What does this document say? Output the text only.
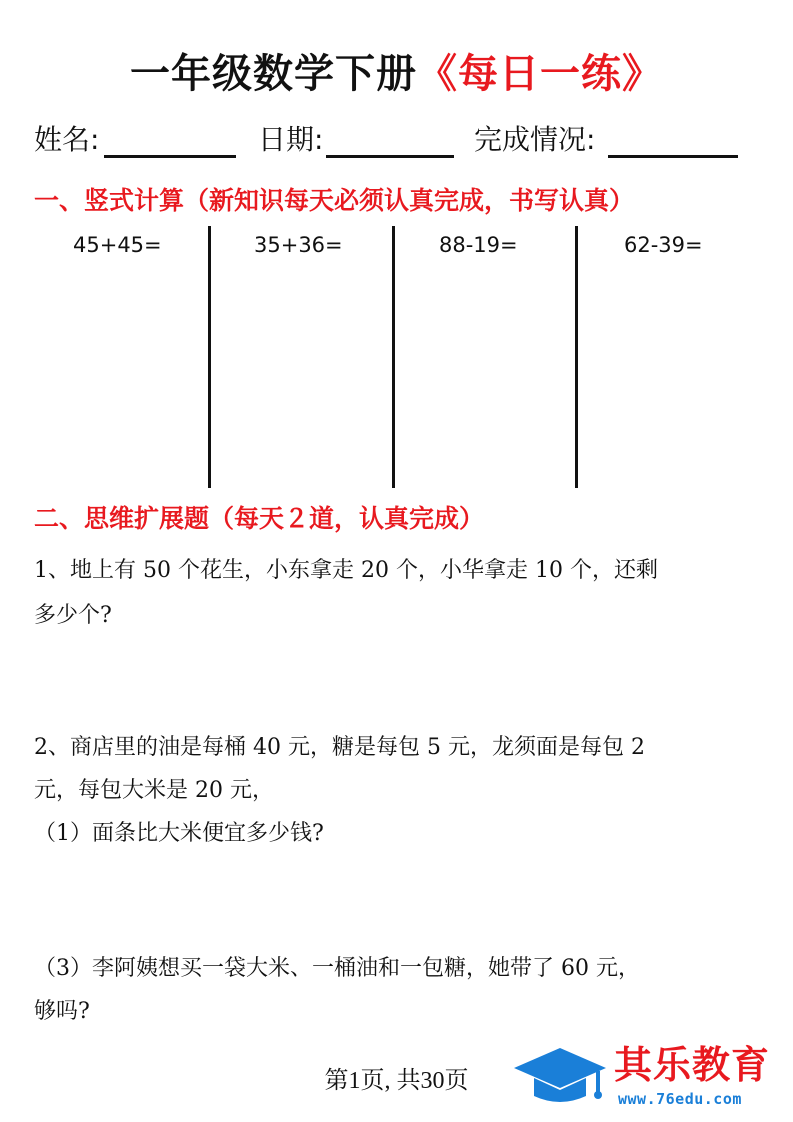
一年级数学下册《每日一练》
姓名:	日期:	完成情况:
一、竖式计算（新知识每天必须认真完成，书写认真）
45+45=	35+36=	88-19=	62-39=
二、思维扩展题（每天２道，认真完成）
1、地上有 50 个花生，小东拿走 20 个，小华拿走 10 个，还剩
多少个?
2、商店里的油是每桶 40 元，糖是每包 5 元，龙须面是每包 2
元，每包大米是 20 元，
（1）面条比大米便宜多少钱?
（3）李阿姨想买一袋大米、一桶油和一包糖，她带了 60 元，
够吗?
第1页, 共30页	其乐教育
www.76edu.com
